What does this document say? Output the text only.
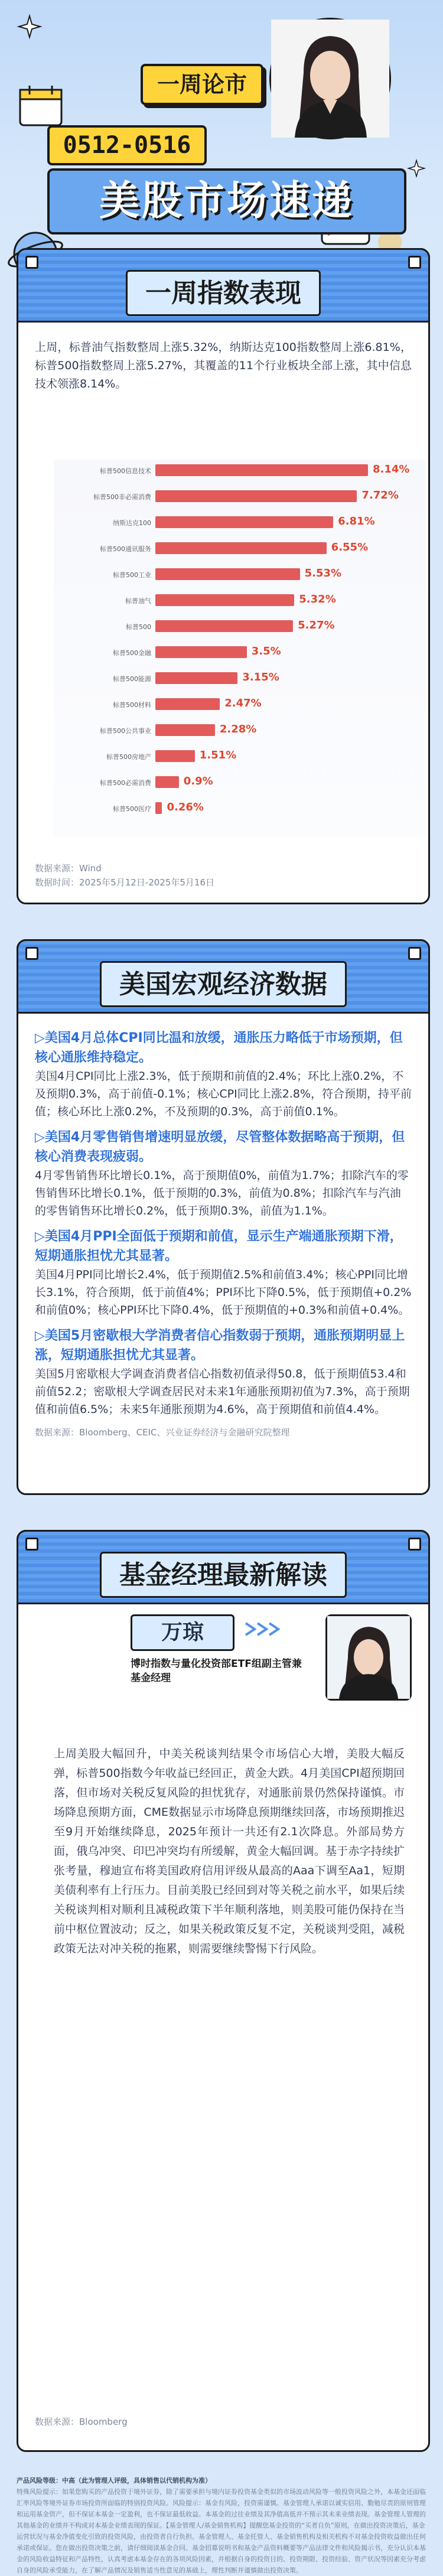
一周论市
0512-0516
美股市场速递
一周指数表现

上周，标普油气指数整周上涨5.32%，纳斯达克100指数整周上涨6.81%，标普500指数整周上涨5.27%，其覆盖的11个行业板块全部上涨，其中信息技术领涨8.14%。

标普500信息技术	8.14%
标普500非必需消费	7.72%
纳斯达克100	6.81%
标普500通讯服务	6.55%
标普500工业	5.53%
标普油气	5.32%
标普500	5.27%
标普500金融	3.5%
标普500能源	3.15%
标普500材料	2.47%
标普500公共事业	2.28%
标普500房地产	1.51%
标普500必需消费	0.9%
标普500医疗 0.26%
数据来源：Wind
数据时间：2025年5月12日-2025年5月16日
美国宏观经济数据

▷美国4月总体CPI同比温和放缓，通胀压力略低于市场预期，但核心通胀维持稳定。

美国4月CPI同比上涨2.3%，低于预期和前值的2.4%；环比上涨0.2%，不及预期0.3%，高于前值-0.1%；核心CPI同比上涨2.8%，符合预期，持平前值；核心环比上涨0.2%，不及预期的0.3%，高于前值0.1%。

▷美国4月零售销售增速明显放缓，尽管整体数据略高于预期，但核心消费表现疲弱。

4月零售销售环比增长0.1%，高于预期值0%，前值为1.7%；扣除汽车的零售销售环比增长0.1%，低于预期的0.3%，前值为0.8%；扣除汽车与汽油的零售销售环比增长0.2%，低于预期0.3%，前值为1.1%。

▷美国4月PPI全面低于预期和前值，显示生产端通胀预期下滑，短期通胀担忧尤其显著。

美国4月PPI同比增长2.4%，低于预期值2.5%和前值3.4%；核心PPI同比增长3.1%，符合预期，低于前值4%；PPI环比下降0.5%，低于预期值+0.2%和前值0%；核心PPI环比下降0.4%，低于预期值的+0.3%和前值+0.4%。

▷美国5月密歇根大学消费者信心指数弱于预期，通胀预期明显上涨，短期通胀担忧尤其显著。

美国5月密歇根大学调查消费者信心指数初值录得50.8，低于预期值53.4和前值52.2；密歇根大学调查居民对未来1年通胀预期初值为7.3%，高于预期值和前值6.5%；未来5年通胀预期为4.6%，高于预期值和前值4.4%。

数据来源：Bloomberg、CEIC、兴业证券经济与金融研究院整理
基金经理最新解读
万琼
博时指数与量化投资部ETF组副主管兼基金经理

上周美股大幅回升，中美关税谈判结果令市场信心大增，美股大幅反弹，标普500指数今年收益已经回正，黄金大跌。4月美国CPI超预期回落，但市场对关税反复风险的担忧犹存，对通胀前景仍然保持谨慎。市场降息预期方面，CME数据显示市场降息预期继续回落，市场预期推迟至9月开始继续降息，2025年预计一共还有2.1次降息。外部局势方面，俄乌冲突、印巴冲突均有所缓解，黄金大幅回调。基于赤字持续扩张考量，穆迪宣布将美国政府信用评级从最高的Aaa下调至Aa1，短期美债利率有上行压力。目前美股已经回到对等关税之前水平，如果后续关税谈判相对顺利且减税政策下半年顺利落地，则美股可能仍保持在当前中枢位置波动；反之，如果关税政策反复不定，关税谈判受阻，减税政策无法对冲关税的拖累，则需要继续警惕下行风险。

数据来源：Bloomberg
产品风险等级：中高（此为管理人评级，具体销售以代销机构为准）
特殊风险提示：如果您购买的产品投资于境外证券，除了需要承担与境内证券投资基金类似的市场波动风险等一般投资风险之外，本基金还面临汇率风险等境外证券市场投资所面临的特别投资风险。风险提示：基金有风险，投资需谨慎。基金管理人承诺以诚实信用、勤勉尽责的原则管理和运用基金资产，但不保证本基金一定盈利，也不保证最低收益。本基金的过往业绩及其净值高低并不预示其未来业绩表现。基金管理人管理的其他基金的业绩并不构成对本基金业绩表现的保证。【基金管理人/基金销售机构】提醒您基金投资的“买者自负”原则，在做出投资决策后，基金运营状况与基金净值变化引致的投资风险，由投资者自行负担。基金管理人、基金托管人、基金销售机构及相关机构不对基金投资收益做出任何承诺或保证。您在做出投资决策之前，请仔细阅读基金合同、基金招募说明书和基金产品资料概要等产品法律文件和风险揭示书，充分认识本基金的风险收益特征和产品特性，认真考虑本基金存在的各项风险因素，并根据自身的投资目的、投资期限、投资经验、资产状况等因素充分考虑自身的风险承受能力，在了解产品情况及销售适当性意见的基础上，理性判断并谨慎做出投资决策。
